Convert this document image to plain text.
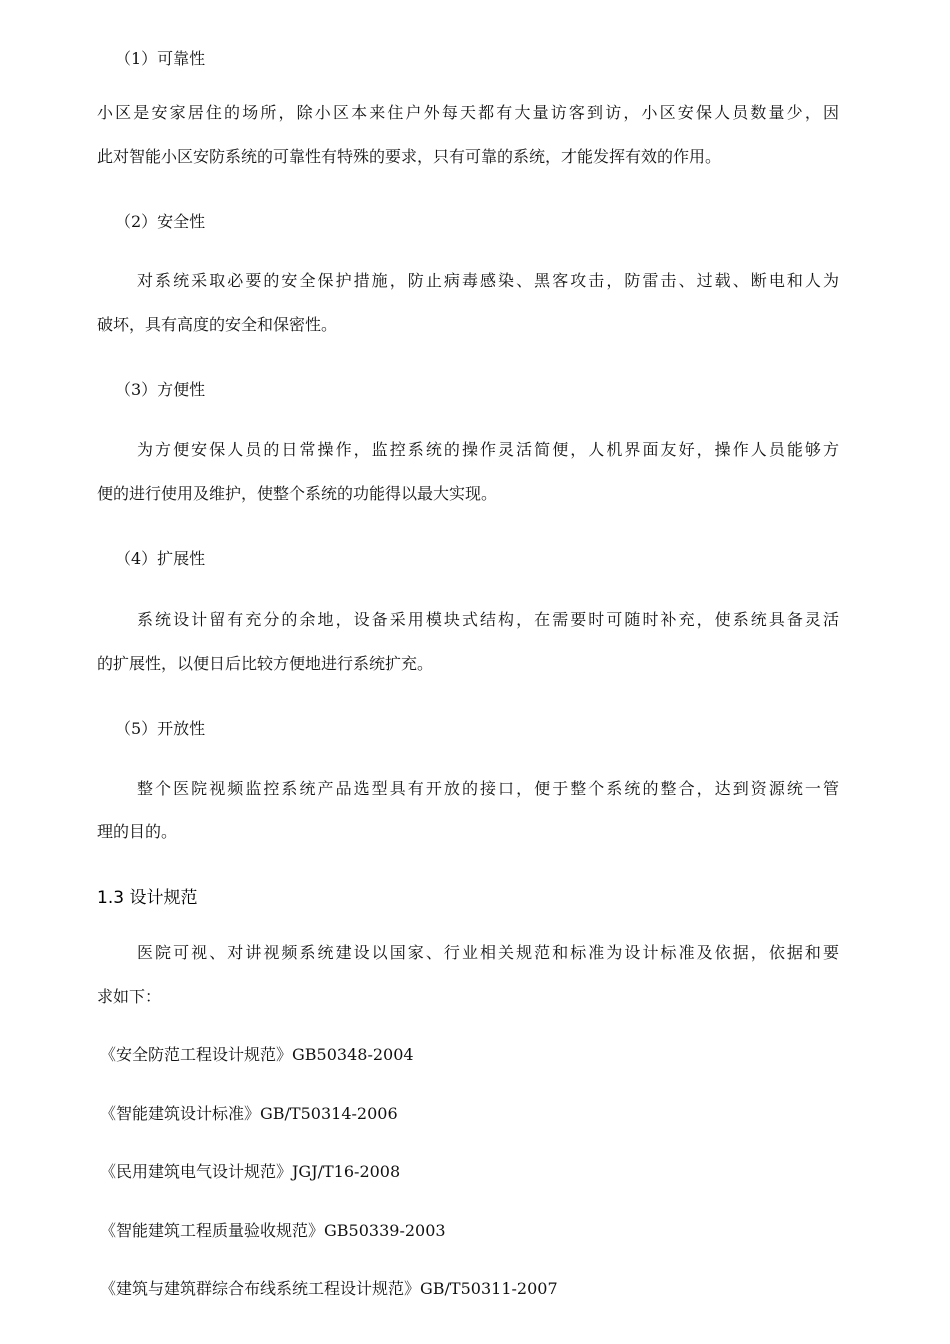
（1）可靠性
小区是安家居住的场所，除小区本来住户外每天都有大量访客到访，小区安保人员数量少，因
此对智能小区安防系统的可靠性有特殊的要求，只有可靠的系统，才能发挥有效的作用。
（2）安全性
对系统采取必要的安全保护措施，防止病毒感染、黑客攻击，防雷击、过载、断电和人为
破坏，具有高度的安全和保密性。
（3）方便性
为方便安保人员的日常操作，监控系统的操作灵活简便，人机界面友好，操作人员能够方
便的进行使用及维护，使整个系统的功能得以最大实现。
（4）扩展性
系统设计留有充分的余地，设备采用模块式结构，在需要时可随时补充，使系统具备灵活
的扩展性，以便日后比较方便地进行系统扩充。
（5）开放性
整个医院视频监控系统产品选型具有开放的接口，便于整个系统的整合，达到资源统一管
理的目的。
1.3 设计规范
医院可视、对讲视频系统建设以国家、行业相关规范和标准为设计标准及依据，依据和要
求如下：
《安全防范工程设计规范》GB50348-2004
《智能建筑设计标准》GB/T50314-2006
《民用建筑电气设计规范》JGJ/T16-2008
《智能建筑工程质量验收规范》GB50339-2003
《建筑与建筑群综合布线系统工程设计规范》GB/T50311-2007
